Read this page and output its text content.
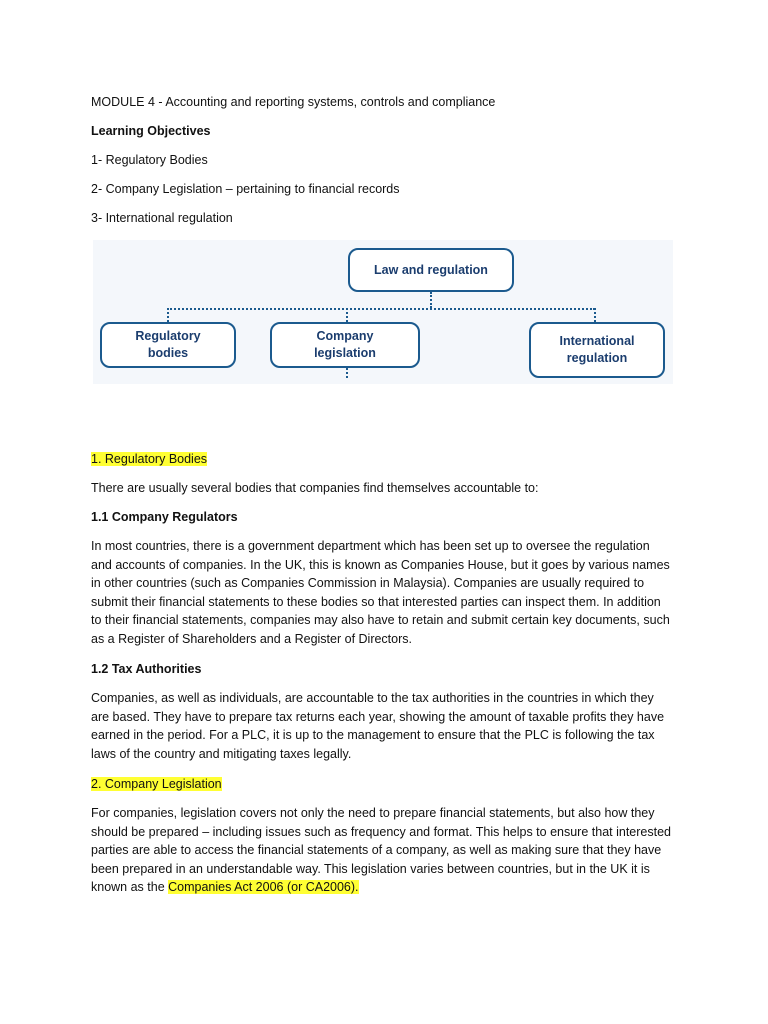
MODULE 4 - Accounting and reporting systems, controls and compliance
Learning Objectives
1- Regulatory Bodies
2- Company Legislation – pertaining to financial records
3- International regulation
Law and regulation
Regulatory
bodies
Company
legislation
International
regulation
1. Regulatory Bodies
There are usually several bodies that companies find themselves accountable to:
1.1 Company Regulators
In most countries, there is a government department which has been set up to oversee the regulation
and accounts of companies. In the UK, this is known as Companies House, but it goes by various names
in other countries (such as Companies Commission in Malaysia). Companies are usually required to
submit their financial statements to these bodies so that interested parties can inspect them. In addition
to their financial statements, companies may also have to retain and submit certain key documents, such
as a Register of Shareholders and a Register of Directors.
1.2 Tax Authorities
Companies, as well as individuals, are accountable to the tax authorities in the countries in which they
are based. They have to prepare tax returns each year, showing the amount of taxable profits they have
earned in the period. For a PLC, it is up to the management to ensure that the PLC is following the tax
laws of the country and mitigating taxes legally.
2. Company Legislation
For companies, legislation covers not only the need to prepare financial statements, but also how they
should be prepared – including issues such as frequency and format. This helps to ensure that interested
parties are able to access the financial statements of a company, as well as making sure that they have
been prepared in an understandable way. This legislation varies between countries, but in the UK it is
known as the Companies Act 2006 (or CA2006).
